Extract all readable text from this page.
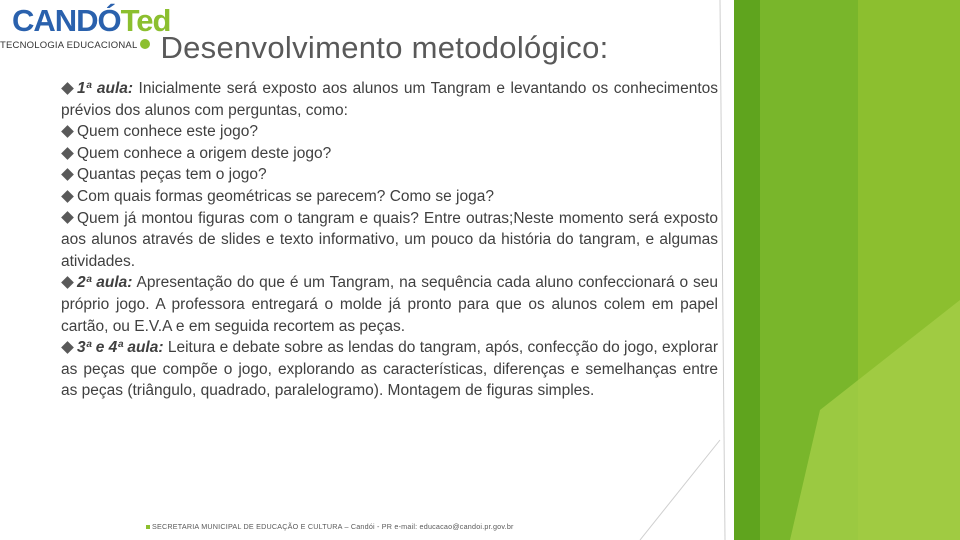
CANDÓTed
TECNOLOGIA EDUCACIONAL Desenvolvimento metodológico:

1ª aula: Inicialmente será exposto aos alunos um Tangram e levantando os conhecimentos prévios dos alunos com perguntas, como:

Quem conhece este jogo?

Quem conhece a origem deste jogo?

Quantas peças tem o jogo?

Com quais formas geométricas se parecem? Como se joga?

Quem já montou figuras com o tangram e quais? Entre outras;Neste momento será exposto aos alunos através de slides e texto informativo, um pouco da história do tangram, e algumas atividades.

2ª aula: Apresentação do que é um Tangram, na sequência cada aluno confeccionará o seu próprio jogo. A professora entregará o molde já pronto para que os alunos colem em papel cartão, ou E.V.A e em seguida recortem as peças.

3ª e 4ª aula: Leitura e debate sobre as lendas do tangram, após, confecção do jogo, explorar as peças que compõe o jogo, explorando as características, diferenças e semelhanças entre as peças (triângulo, quadrado, paralelogramo). Montagem de figuras simples.

SECRETARIA MUNICIPAL DE EDUCAÇÃO E CULTURA – Candói - PR e-mail: educacao@candoi.pr.gov.br
